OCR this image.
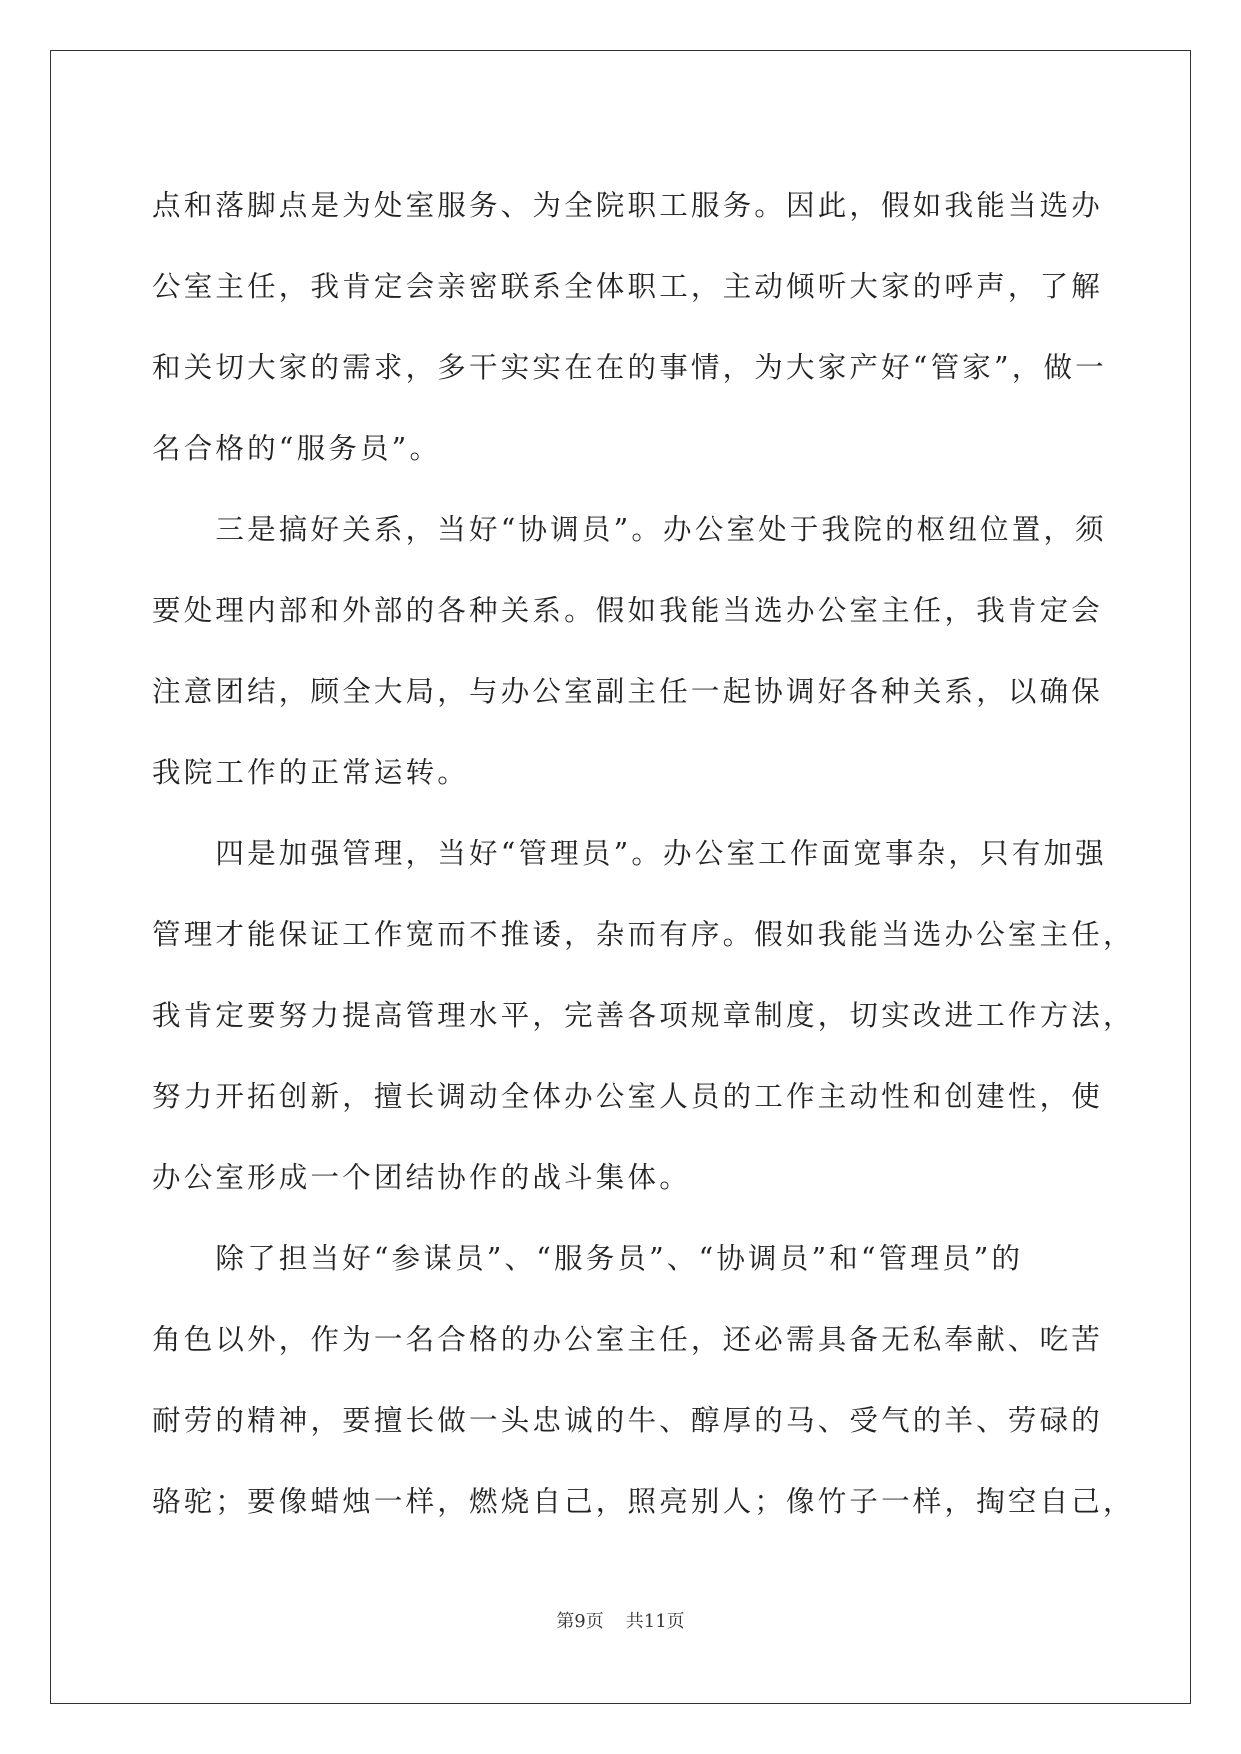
点和落脚点是为处室服务、为全院职工服务。因此，假如我能当选办
公室主任，我肯定会亲密联系全体职工，主动倾听大家的呼声，了解
和关切大家的需求，多干实实在在的事情，为大家产好“管家”，做一
名合格的“服务员”。
　　三是搞好关系，当好“协调员”。办公室处于我院的枢纽位置，须
要处理内部和外部的各种关系。假如我能当选办公室主任，我肯定会
注意团结，顾全大局，与办公室副主任一起协调好各种关系，以确保
我院工作的正常运转。
　　四是加强管理，当好“管理员”。办公室工作面宽事杂，只有加强
管理才能保证工作宽而不推诿，杂而有序。假如我能当选办公室主任，
我肯定要努力提高管理水平，完善各项规章制度，切实改进工作方法，
努力开拓创新，擅长调动全体办公室人员的工作主动性和创建性，使
办公室形成一个团结协作的战斗集体。
　　除了担当好“参谋员”、“服务员”、“协调员”和“管理员”的
角色以外，作为一名合格的办公室主任，还必需具备无私奉献、吃苦
耐劳的精神，要擅长做一头忠诚的牛、醇厚的马、受气的羊、劳碌的
骆驼；要像蜡烛一样，燃烧自己，照亮别人；像竹子一样，掏空自己，
第9页 共11页
